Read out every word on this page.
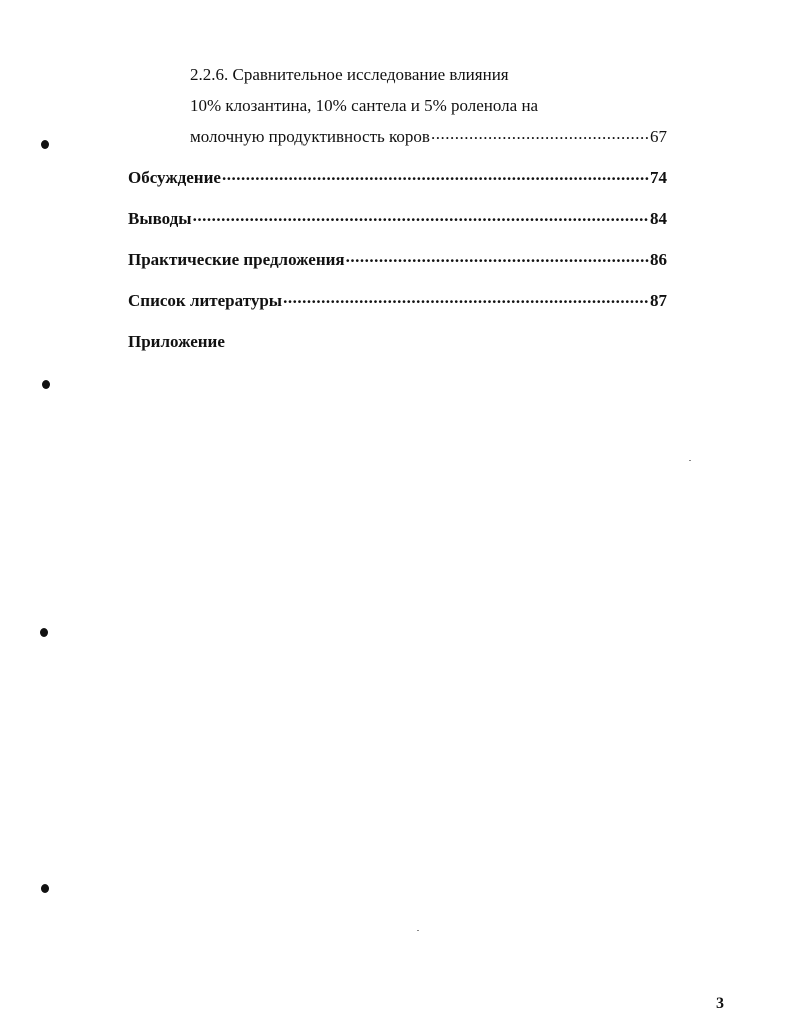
2.2.6. Сравнительное исследование влияния
10% клозантина, 10% сантела и 5% роленола на
молочную продуктивность коров .....	67
Обсуждение .....	74
Выводы .....	84
Практические предложения .....	86
Список литературы .....	87
Приложение
3
